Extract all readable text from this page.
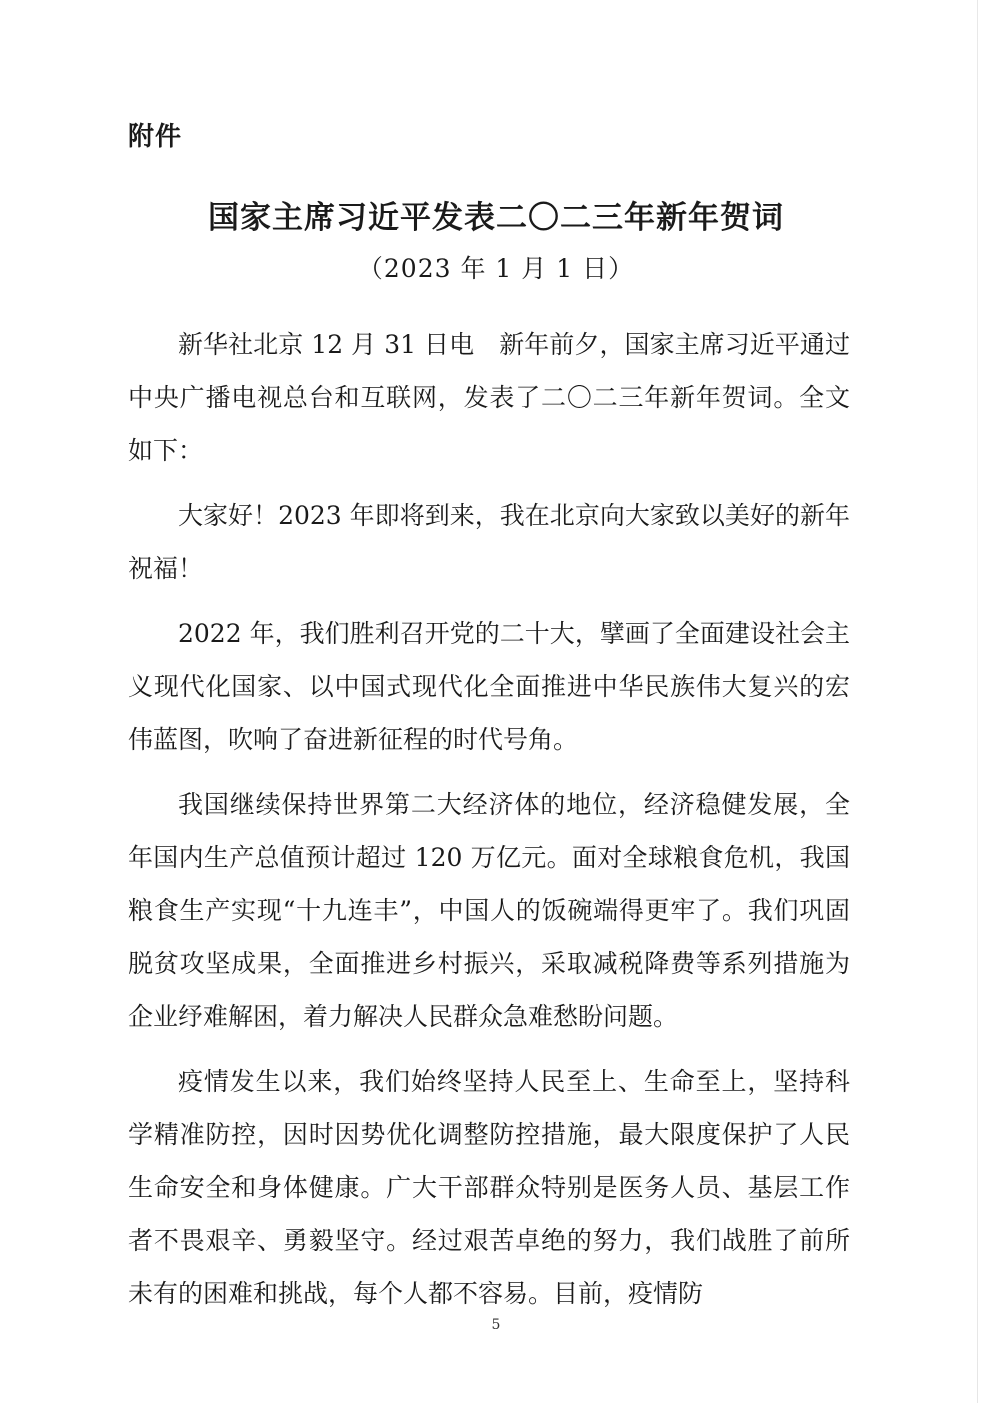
附件
国家主席习近平发表二〇二三年新年贺词
（2023 年 1 月 1 日）

新华社北京 12 月 31 日电　新年前夕，国家主席习近平通过中央广播电视总台和互联网，发表了二〇二三年新年贺词。全文如下：

大家好！2023 年即将到来，我在北京向大家致以美好的新年祝福！

2022 年，我们胜利召开党的二十大，擘画了全面建设社会主义现代化国家、以中国式现代化全面推进中华民族伟大复兴的宏伟蓝图，吹响了奋进新征程的时代号角。

我国继续保持世界第二大经济体的地位，经济稳健发展，全年国内生产总值预计超过 120 万亿元。面对全球粮食危机，我国粮食生产实现“十九连丰”，中国人的饭碗端得更牢了。我们巩固脱贫攻坚成果，全面推进乡村振兴，采取减税降费等系列措施为企业纾难解困，着力解决人民群众急难愁盼问题。

疫情发生以来，我们始终坚持人民至上、生命至上，坚持科学精准防控，因时因势优化调整防控措施，最大限度保护了人民生命安全和身体健康。广大干部群众特别是医务人员、基层工作者不畏艰辛、勇毅坚守。经过艰苦卓绝的努力，我们战胜了前所未有的困难和挑战，每个人都不容易。目前，疫情防

5
